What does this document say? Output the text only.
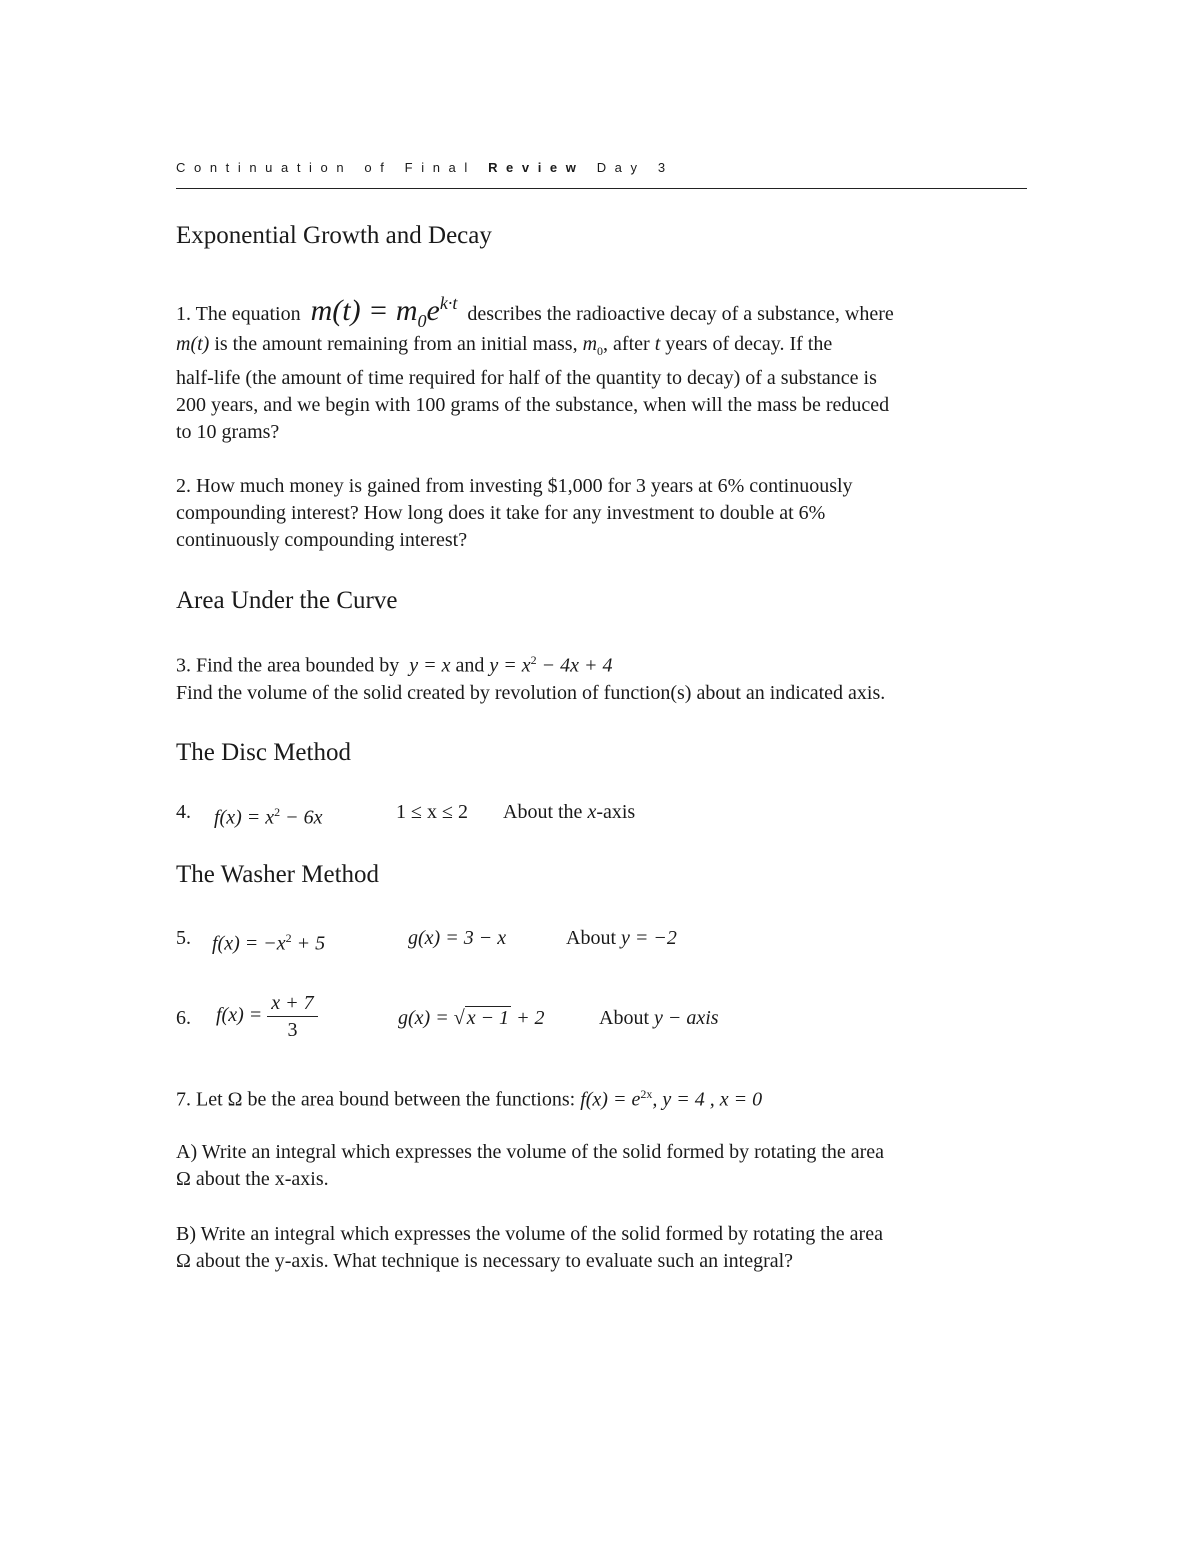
Continuation of Final Review Day 3
Exponential Growth and Decay
1. The equation $m(t) = m_0e^{k\cdot t}$ describes the radioactive decay of a substance, where
m(t) is the amount remaining from an initial mass, $m_0$, after t years of decay. If the
half-life (the amount of time required for half of the quantity to decay) of a substance is
200 years, and we begin with 100 grams of the substance, when will the mass be reduced
to 10 grams?
2. How much money is gained from investing $1,000 for 3 years at 6% continuously
compounding interest? How long does it take for any investment to double at 6%
continuously compounding interest?
Area Under the Curve
3. Find the area bounded by y = x and $y = x^2 - 4x + 4$
Find the volume of the solid created by revolution of function(s) about an indicated axis.
The Disc Method
4. $f(x) = x^2 - 6x$	1 ≤ x ≤ 2 About the x-axis
The Washer Method
5. $f(x) = -x^2 + 5$	g(x) = 3 − x	About y = −2
6. $f(x) = \frac{x + 7}{3}$	g(x) = √ x − 1 + 2	About y − axis
7. Let Ω be the area bound between the functions: $f(x) = e^{2x}$, y = 4 , x = 0
A) Write an integral which expresses the volume of the solid formed by rotating the area
Ω about the x-axis.
B) Write an integral which expresses the volume of the solid formed by rotating the area
Ω about the y-axis. What technique is necessary to evaluate such an integral?
